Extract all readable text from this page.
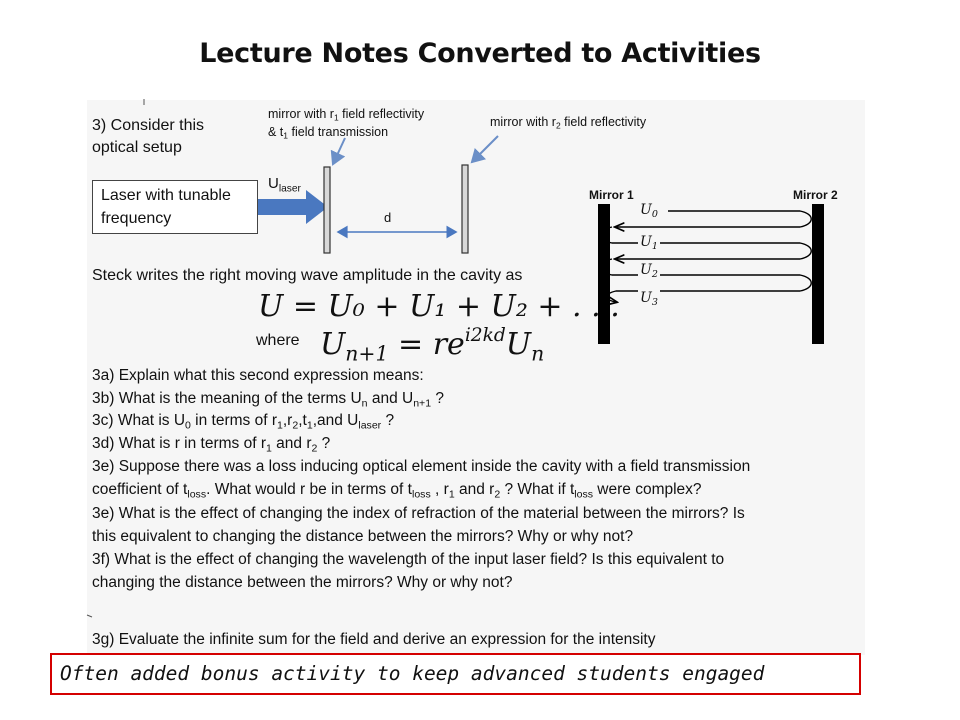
Lecture Notes Converted to Activities
3) Consider this
optical setup
mirror with $r_1$ field reflectivity
& $t_1$ field transmission
mirror with $r_2$ field reflectivity
Laser with tunable
frequency
$U_{laser}$
d
Mirror 1	Mirror 2
$U_0$
$U_1$
$U_2$
$U_3$
Steck writes the right moving wave amplitude in the cavity as
U = U₀ + U₁ + U₂ + . . .
where $U_{n+1} = re^{i2kd}U_n$
3a) Explain what this second expression means:
3b) What is the meaning of the terms $U_n$ and $U_{n+1}$ ?
3c) What is $U_0$ in terms of $r_1,r_2,t_1,and$ $U_{laser}$ ?
3d) What is r in terms of $r_1$ and $r_2$ ?
3e) Suppose there was a loss inducing optical element inside the cavity with a field transmission
coefficient of $t_{loss}$. What would r be in terms of $t_{loss}$ , $r_1$ and $r_2$ ? What if $t_{loss}$ were complex?
3e) What is the effect of changing the index of refraction of the material between the mirrors? Is
this equivalent to changing the distance between the mirrors? Why or why not?
3f) What is the effect of changing the wavelength of the input laser field? Is this equivalent to
changing the distance between the mirrors? Why or why not?
3g) Evaluate the infinite sum for the field and derive an expression for the intensity
Often added bonus activity to keep advanced students engaged
